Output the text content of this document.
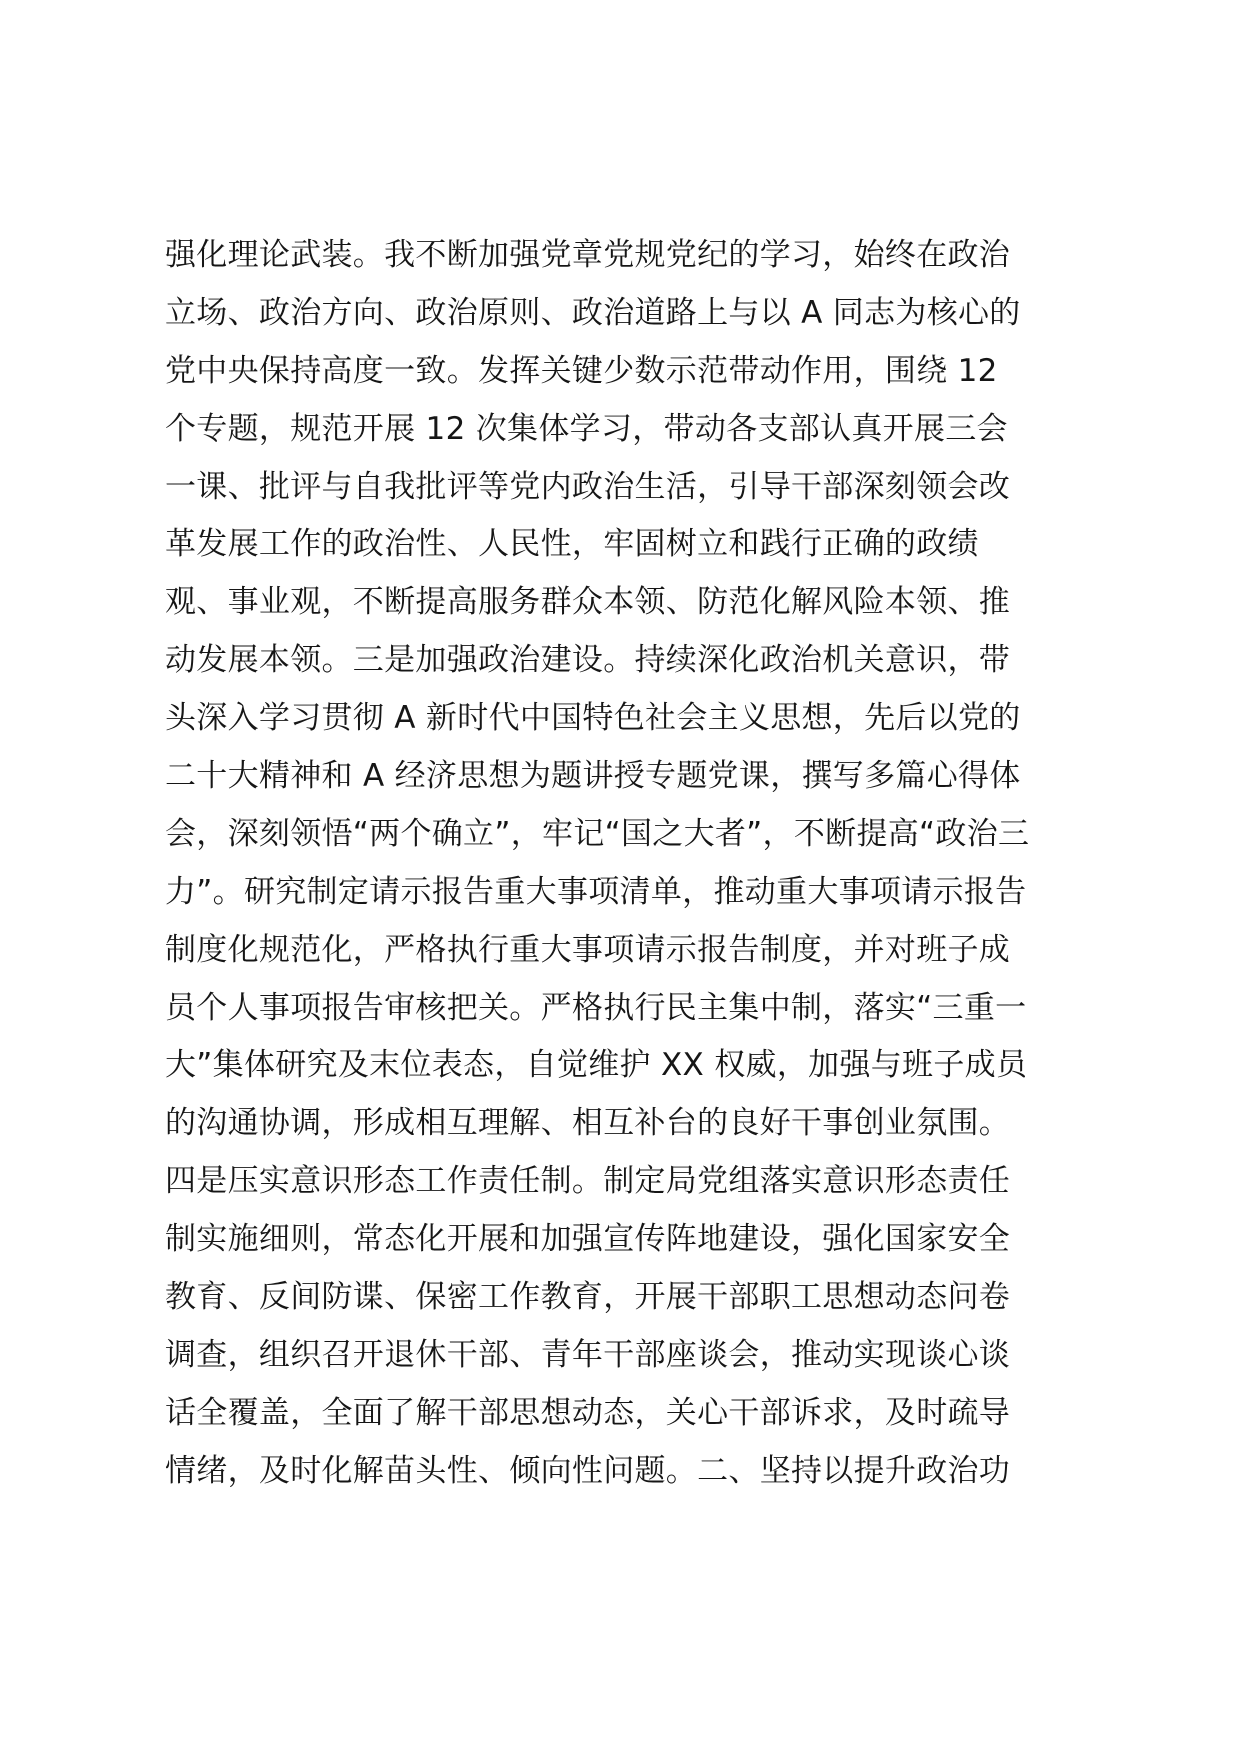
强化理论武装。我不断加强党章党规党纪的学习，始终在政治
立场、政治方向、政治原则、政治道路上与以 A 同志为核心的
党中央保持高度一致。发挥关键少数示范带动作用，围绕 12
个专题，规范开展 12 次集体学习，带动各支部认真开展三会
一课、批评与自我批评等党内政治生活，引导干部深刻领会改
革发展工作的政治性、人民性，牢固树立和践行正确的政绩
观、事业观，不断提高服务群众本领、防范化解风险本领、推
动发展本领。三是加强政治建设。持续深化政治机关意识，带
头深入学习贯彻 A 新时代中国特色社会主义思想，先后以党的
二十大精神和 A 经济思想为题讲授专题党课，撰写多篇心得体
会，深刻领悟“两个确立”，牢记“国之大者”，不断提高“政治三
力”。研究制定请示报告重大事项清单，推动重大事项请示报告
制度化规范化，严格执行重大事项请示报告制度，并对班子成
员个人事项报告审核把关。严格执行民主集中制，落实“三重一
大”集体研究及末位表态，自觉维护 XX 权威，加强与班子成员
的沟通协调，形成相互理解、相互补台的良好干事创业氛围。
四是压实意识形态工作责任制。制定局党组落实意识形态责任
制实施细则，常态化开展和加强宣传阵地建设，强化国家安全
教育、反间防谍、保密工作教育，开展干部职工思想动态问卷
调查，组织召开退休干部、青年干部座谈会，推动实现谈心谈
话全覆盖，全面了解干部思想动态，关心干部诉求，及时疏导
情绪，及时化解苗头性、倾向性问题。二、坚持以提升政治功
